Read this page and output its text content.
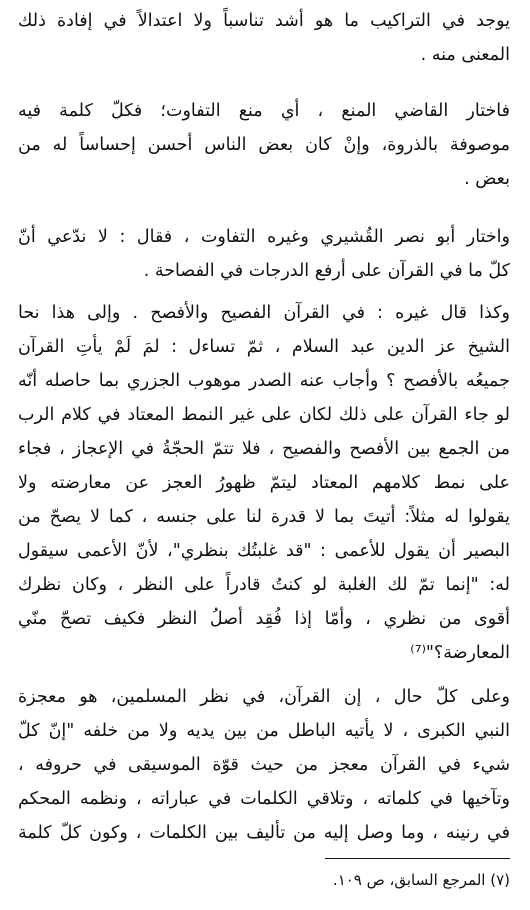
يوجد في التراكيب ما هو أشد تناسباً ولا اعتدالاً في إفادة ذلك
المعنى منه .

فاختار القاضي المنع ، أي منع التفاوت؛ فكلّ كلمة فيه
موصوفة بالذروة، وإنْ كان بعض الناس أحسن إحساساً له من
بعض .

واختار أبو نصر القُشيري وغيره التفاوت ، فقال : لا ندّعي أنّ
كلّ ما في القرآن على أرفع الدرجات في الفصاحة .

وكذا قال غيره : في القرآن الفصيح والأفصح . وإلى هذا نحا
الشيخ عز الدين عبد السلام ، ثمّ تساءل : لمَ لَمْ يأتِ القرآن
جميعُه بالأفصح ؟ وأجاب عنه الصدر موهوب الجزري بما حاصله أنّه
لو جاء القرآن على ذلك لكان على غير النمط المعتاد في كلام الرب
من الجمع بين الأفصح والفصيح ، فلا تتمّ الحجّةُ في الإعجاز ، فجاء
على نمط كلامهم المعتاد ليتمّ ظهورُ العجز عن معارضته ولا
يقولوا له مثلاً: أتيتَ بما لا قدرة لنا على جنسه ، كما لا يصحّ من
البصير أن يقول للأعمى : "قد غلبتُك بنظري"، لأنّ الأعمى سيقول
له: "إنما تمّ لك الغلبة لو كنتُ قادراً على النظر ، وكان نظرك
أقوى من نظري ، وأمّا إذا فُقِد أصلُ النظر فكيف تصحّ منّي
المعارضة؟"⁽⁷⁾

وعلى كلّ حال ، إن القرآن، في نظر المسلمين، هو معجزة
النبي الكبرى ، لا يأتيه الباطل من بين يديه ولا من خلفه "إنّ كلّ
شيء في القرآن معجز من حيث قوّة الموسيقى في حروفه ،
وتآخيها في كلماته ، وتلاقي الكلمات في عباراته ، ونظمه المحكم
في رنينه ، وما وصل إليه من تأليف بين الكلمات ، وكون كلّ كلمة

(٧) المرجع السابق، ص ١٠٩.
